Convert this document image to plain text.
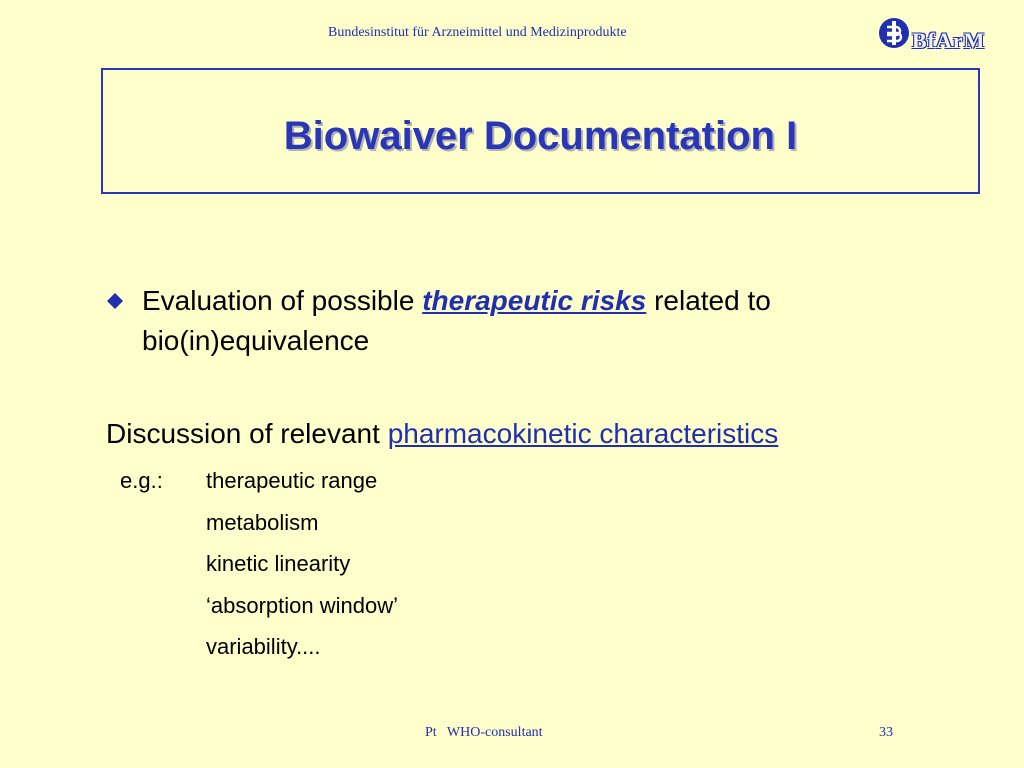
Bundesinstitut für Arzneimittel und Medizinprodukte	BfArM
Biowaiver Documentation I
Evaluation of possible therapeutic risks related to bio(in)equivalence
Discussion of relevant pharmacokinetic characteristics
e.g.: therapeutic range
metabolism
kinetic linearity
‘absorption window’
variability....
Pt   WHO-consultant	33
